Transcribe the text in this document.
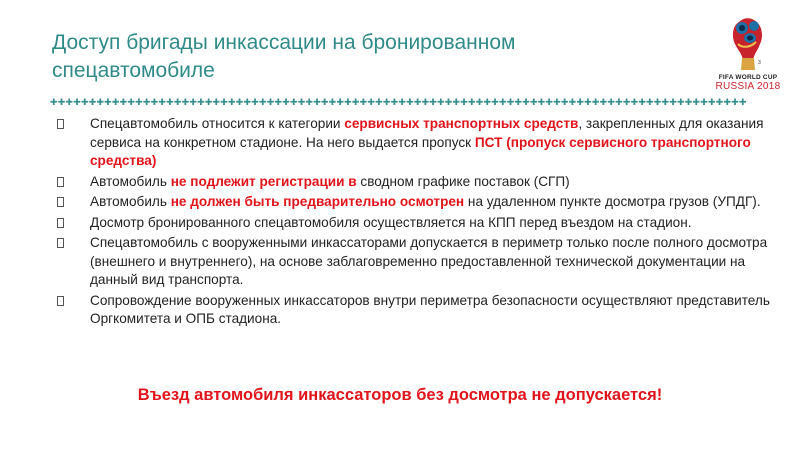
Доступ бригады инкассации на бронированном спецавтомобиле
✚✚✚✚✚✚✚✚✚✚✚✚✚✚✚✚✚✚✚✚✚✚✚✚✚✚✚✚✚✚✚✚✚✚✚✚✚✚✚✚✚✚✚✚✚✚✚✚✚✚✚✚✚✚✚✚✚✚✚✚✚✚✚✚✚✚✚✚✚✚✚✚✚✚✚✚✚✚✚✚✚✚✚✚✚✚✚✚✚✚
3
FIFA WORLD CUP
RUSSIA 2018
Спецавтомобиль относится к категории сервисных транспортных средств, закрепленных для оказания сервиса на конкретном стадионе. На него выдается пропуск ПСТ (пропуск сервисного транспортного средства)
Автомобиль не подлежит регистрации в сводном графике поставок (СГП)
Автомобиль не должен быть предварительно осмотрен на удаленном пункте досмотра грузов (УПДГ).
Досмотр бронированного спецавтомобиля осуществляется на КПП перед въездом на стадион.
Спецавтомобиль с вооруженными инкассаторами допускается в периметр только после полного досмотра (внешнего и внутреннего), на основе заблаговременно предоставленной технической документации на данный вид транспорта.
Сопровождение вооруженных инкассаторов внутри периметра безопасности осуществляют представитель Оргкомитета и ОПБ стадиона.
Въезд автомобиля инкассаторов без досмотра не допускается!
